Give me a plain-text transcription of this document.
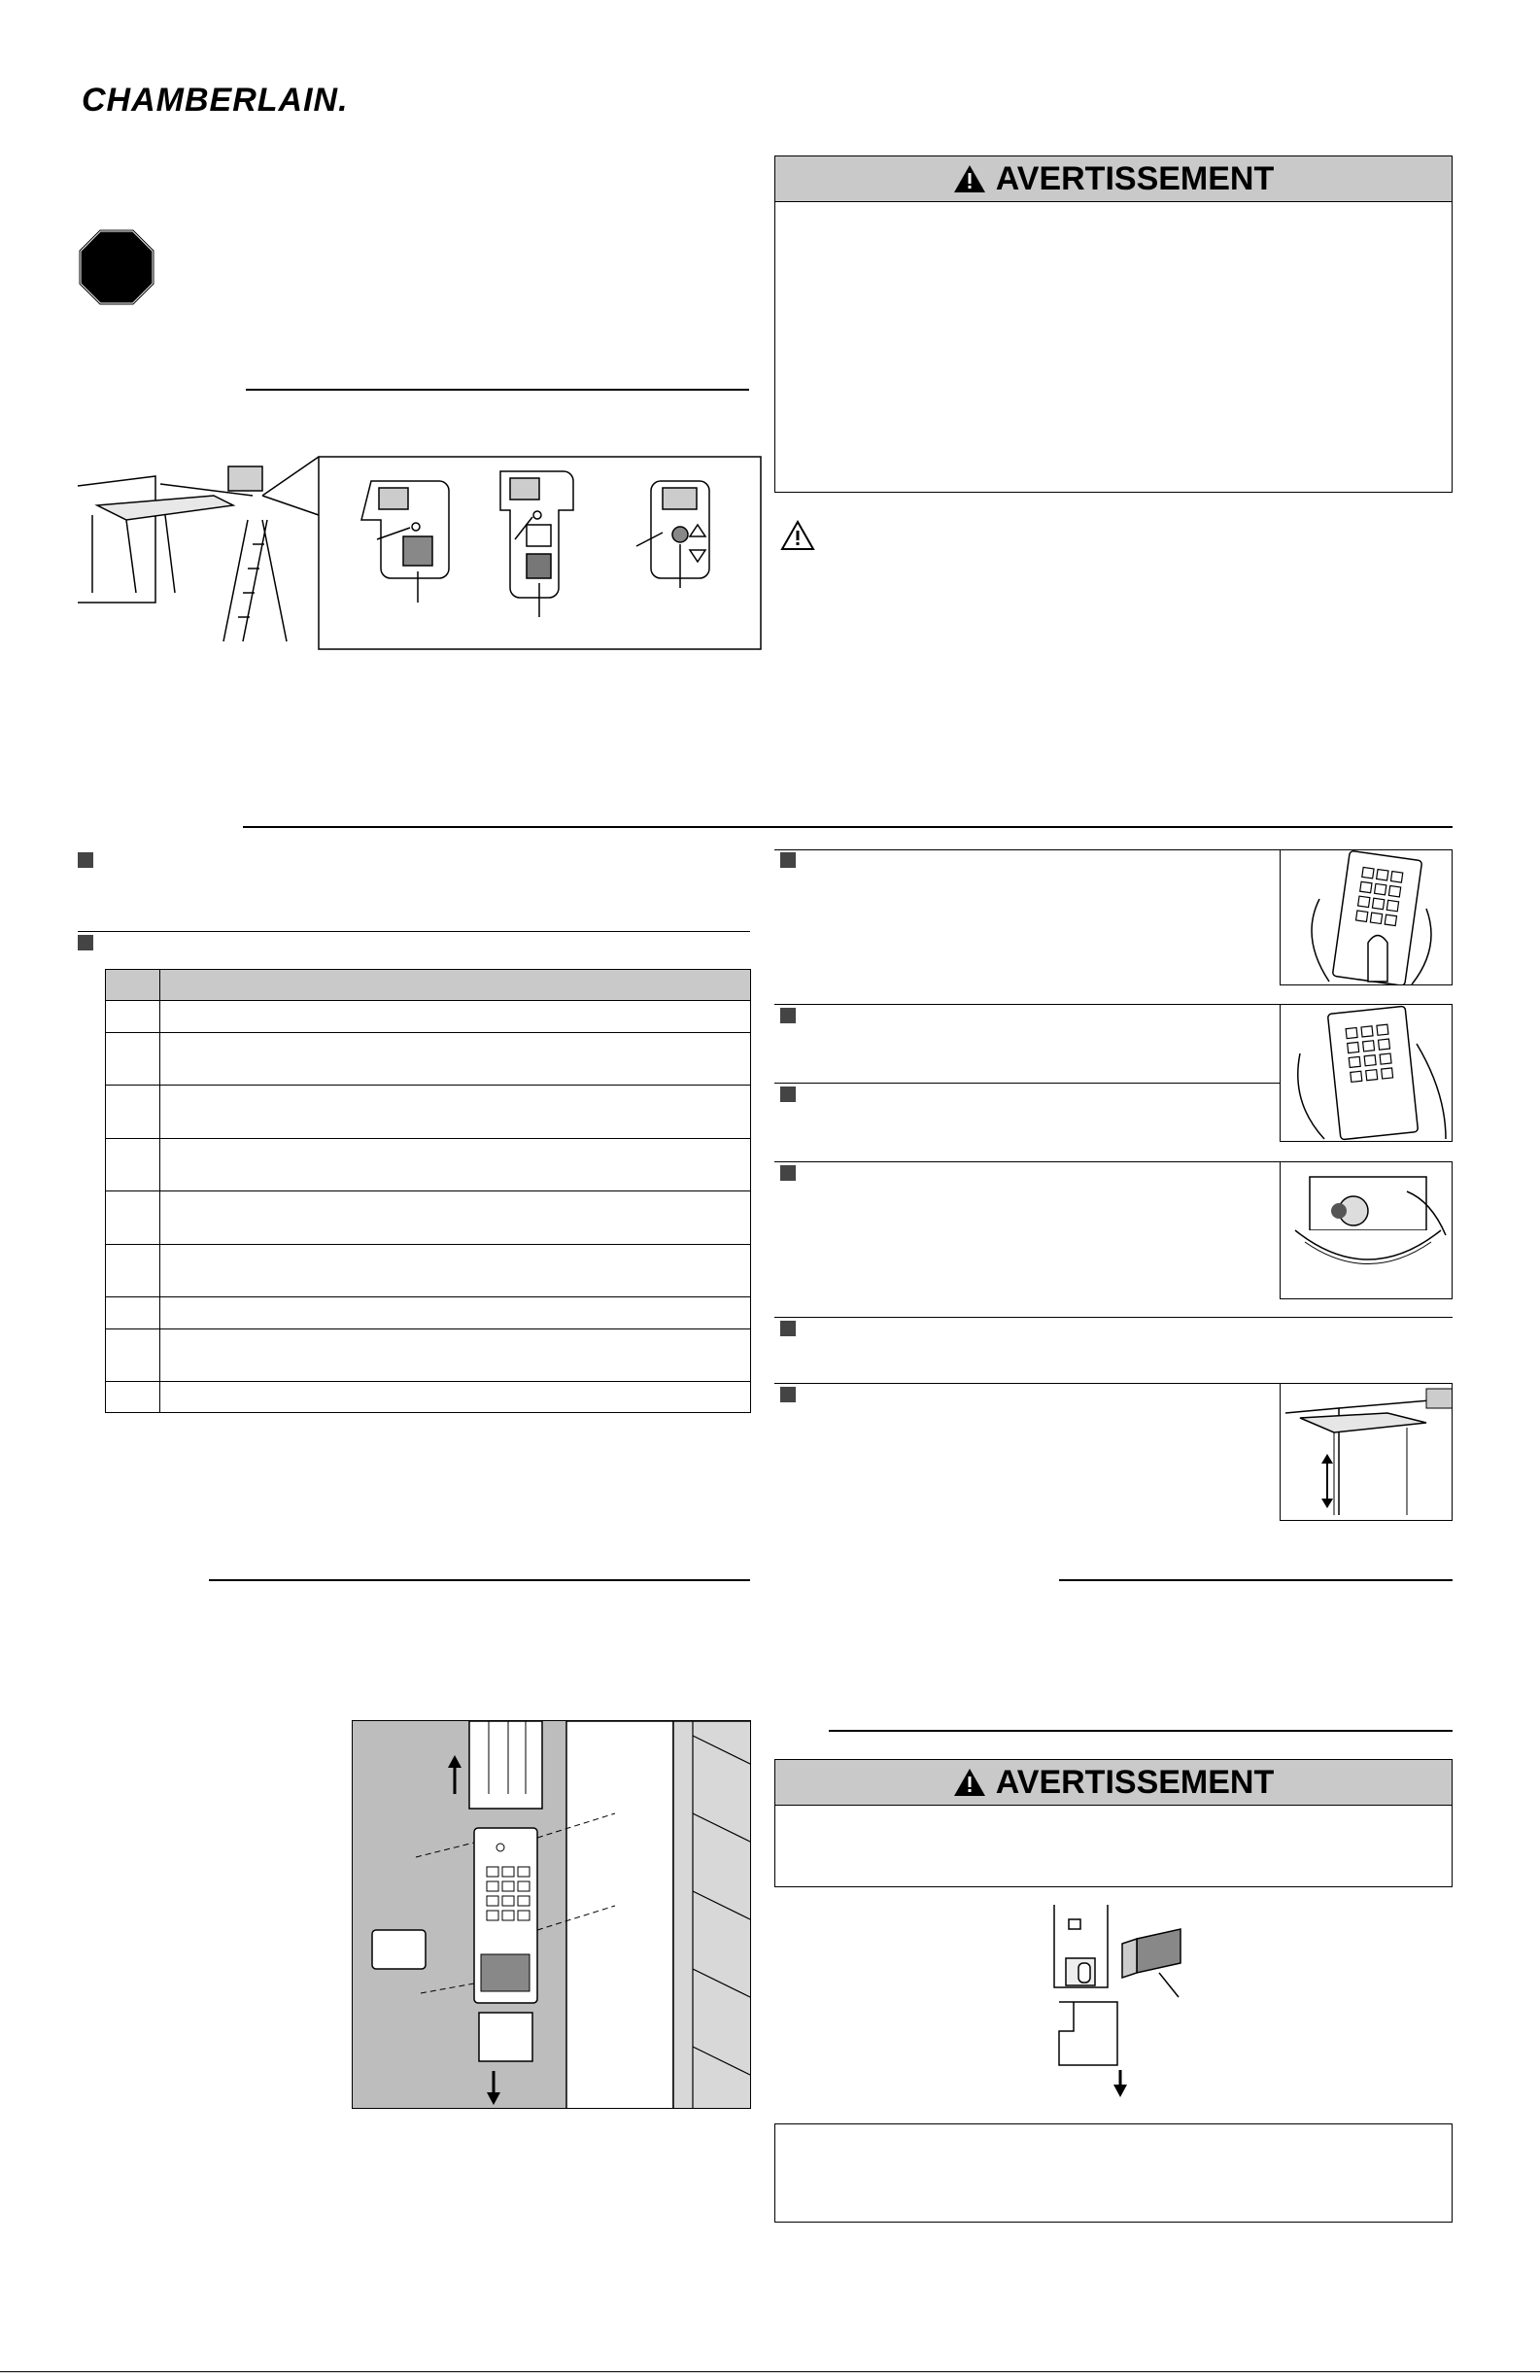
CHAMBERLAIN.
AVERTISSEMENT

AVERTISSEMENT
